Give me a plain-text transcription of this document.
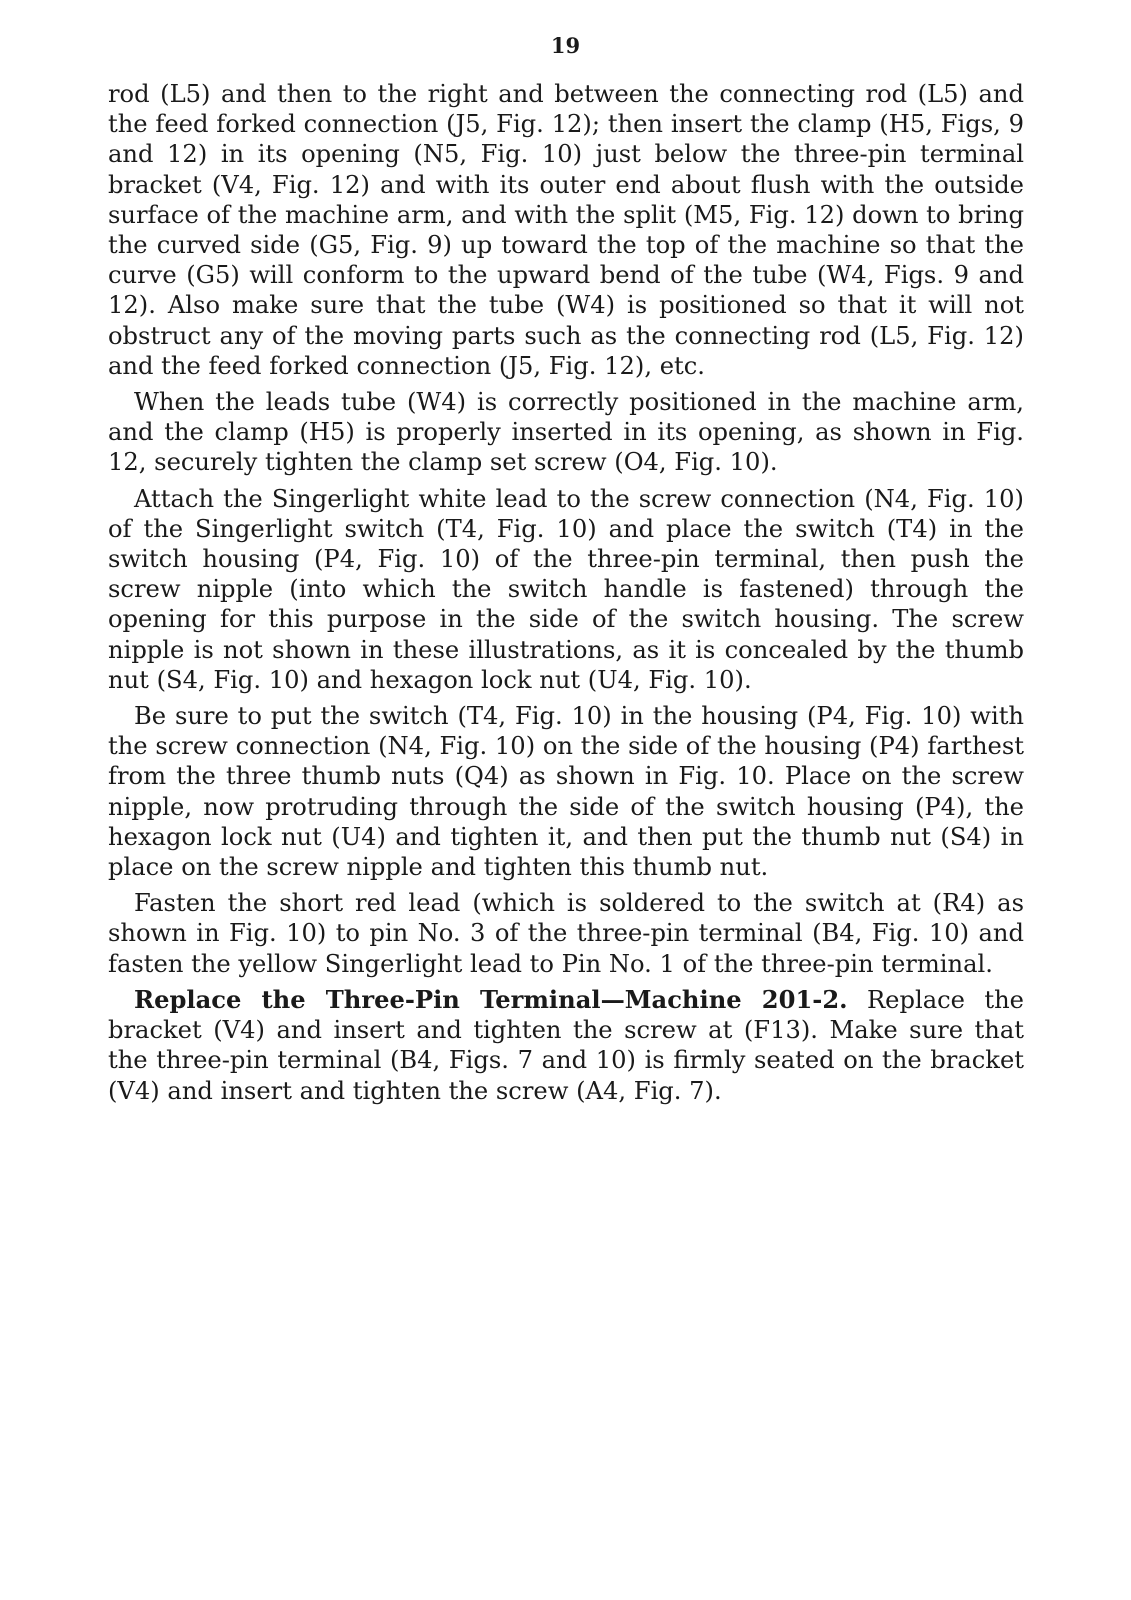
19

rod (L5) and then to the right and between the connecting rod (L5) and the feed forked connection (J5, Fig. 12); then insert the clamp (H5, Figs, 9 and 12) in its opening (N5, Fig. 10) just below the three-pin terminal bracket (V4, Fig. 12) and with its outer end about flush with the outside surface of the machine arm, and with the split (M5, Fig. 12) down to bring the curved side (G5, Fig. 9) up toward the top of the machine so that the curve (G5) will conform to the upward bend of the tube (W4, Figs. 9 and 12). Also make sure that the tube (W4) is positioned so that it will not obstruct any of the moving parts such as the connecting rod (L5, Fig. 12) and the feed forked connection (J5, Fig. 12), etc.

When the leads tube (W4) is correctly positioned in the machine arm, and the clamp (H5) is properly inserted in its opening, as shown in Fig. 12, securely tighten the clamp set screw (O4, Fig. 10).

Attach the Singerlight white lead to the screw connection (N4, Fig. 10) of the Singerlight switch (T4, Fig. 10) and place the switch (T4) in the switch housing (P4, Fig. 10) of the three-pin terminal, then push the screw nipple (into which the switch handle is fastened) through the opening for this purpose in the side of the switch housing. The screw nipple is not shown in these illustrations, as it is concealed by the thumb nut (S4, Fig. 10) and hexagon lock nut (U4, Fig. 10).

Be sure to put the switch (T4, Fig. 10) in the housing (P4, Fig. 10) with the screw connection (N4, Fig. 10) on the side of the housing (P4) farthest from the three thumb nuts (Q4) as shown in Fig. 10. Place on the screw nipple, now protruding through the side of the switch housing (P4), the hexagon lock nut (U4) and tighten it, and then put the thumb nut (S4) in place on the screw nipple and tighten this thumb nut.

Fasten the short red lead (which is soldered to the switch at (R4) as shown in Fig. 10) to pin No. 3 of the three-pin terminal (B4, Fig. 10) and fasten the yellow Singerlight lead to Pin No. 1 of the three-pin terminal.

Replace the Three-Pin Terminal—Machine 201-2. Replace the bracket (V4) and insert and tighten the screw at (F13). Make sure that the three-pin terminal (B4, Figs. 7 and 10) is firmly seated on the bracket (V4) and insert and tighten the screw (A4, Fig. 7).
